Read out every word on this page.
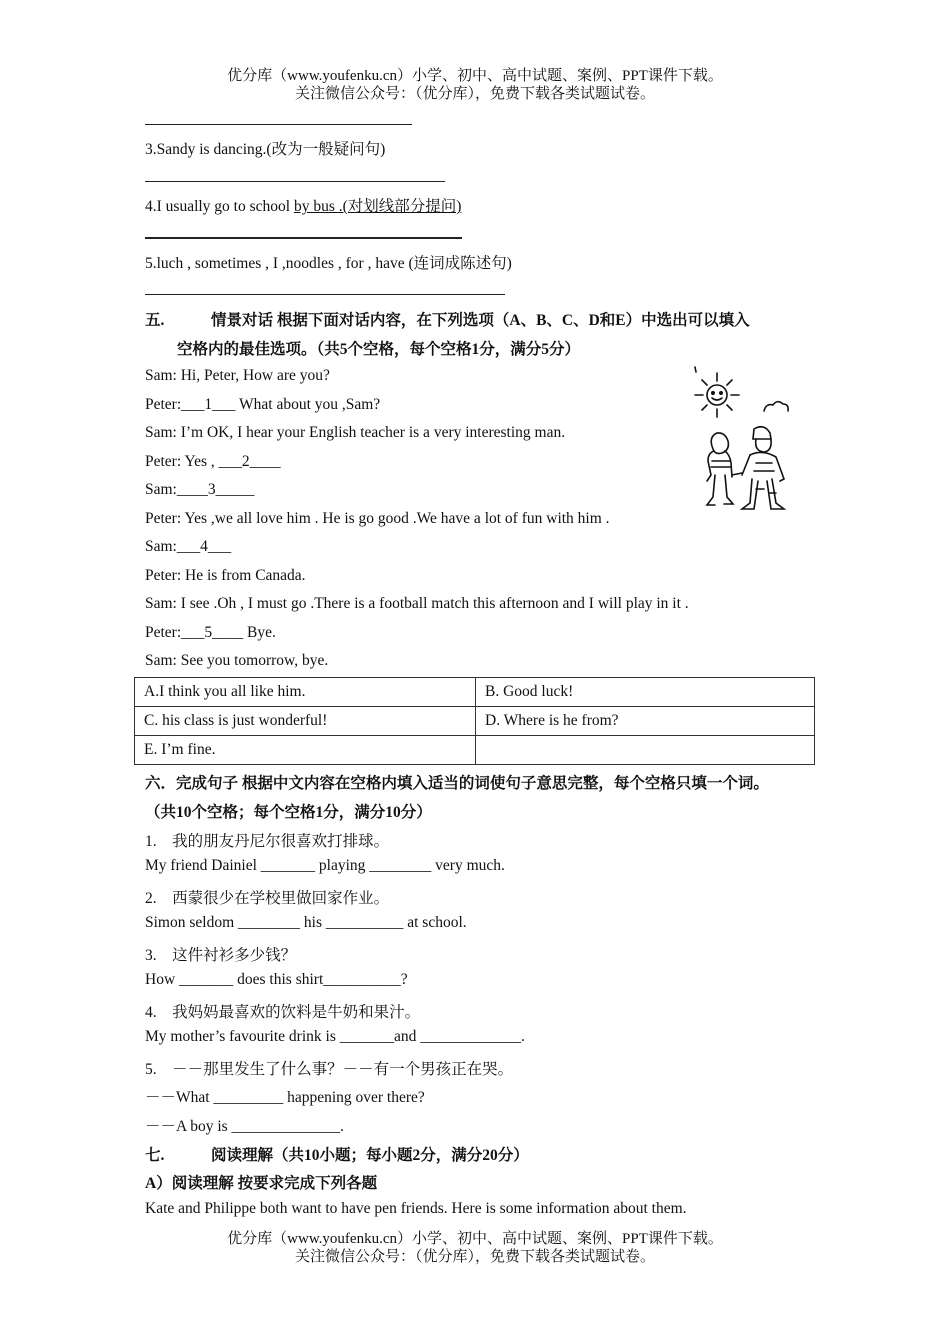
优分库（www.youfenku.cn）小学、初中、高中试题、案例、PPT课件下载。
关注微信公众号：（优分库），免费下载各类试题试卷。
3.Sandy is dancing.(改为一般疑问句)
4.I usually go to school by bus .(对划线部分提问)
5.luch , sometimes , I ,noodles , for , have (连词成陈述句)
五.	情景对话 根据下面对话内容，在下列选项（A、B、C、D和E）中选出可以填入
空格内的最佳选项。（共5个空格，每个空格1分，满分5分）
Sam: Hi, Peter, How are you?
Peter:___1___ What about you ,Sam?
Sam: I’m OK, I hear your English teacher is a very interesting man.
Peter: Yes , ___2____
Sam:____3_____
Peter: Yes ,we all love him . He is go good .We have a lot of fun with him .
Sam:___4___
Peter: He is from Canada.
Sam: I see .Oh , I must go .There is a football match this afternoon and I will play in it .
Peter:___5____ Bye.
Sam: See you tomorrow, bye.
A.I think you all like him.	B. Good luck!
C. his class is just wonderful!	D. Where is he from?
E. I’m fine.	
六．完成句子 根据中文内容在空格内填入适当的词使句子意思完整，每个空格只填一个词。
（共10个空格；每个空格1分，满分10分）
1.　我的朋友丹尼尔很喜欢打排球。
My friend Dainiel _______ playing ________ very much.
2.　西蒙很少在学校里做回家作业。
Simon seldom ________ his __________ at school.
3.　这件衬衫多少钱？
How _______ does this shirt__________?
4.　我妈妈最喜欢的饮料是牛奶和果汁。
My mother’s favourite drink is _______and _____________.
5.　－－那里发生了什么事？－－有一个男孩正在哭。
－－What _________ happening over there?
－－A boy is ______________.
七.	阅读理解（共10小题；每小题2分，满分20分）
A）阅读理解 按要求完成下列各题
Kate and Philippe both want to have pen friends. Here is some information about them.
优分库（www.youfenku.cn）小学、初中、高中试题、案例、PPT课件下载。
关注微信公众号：（优分库），免费下载各类试题试卷。
